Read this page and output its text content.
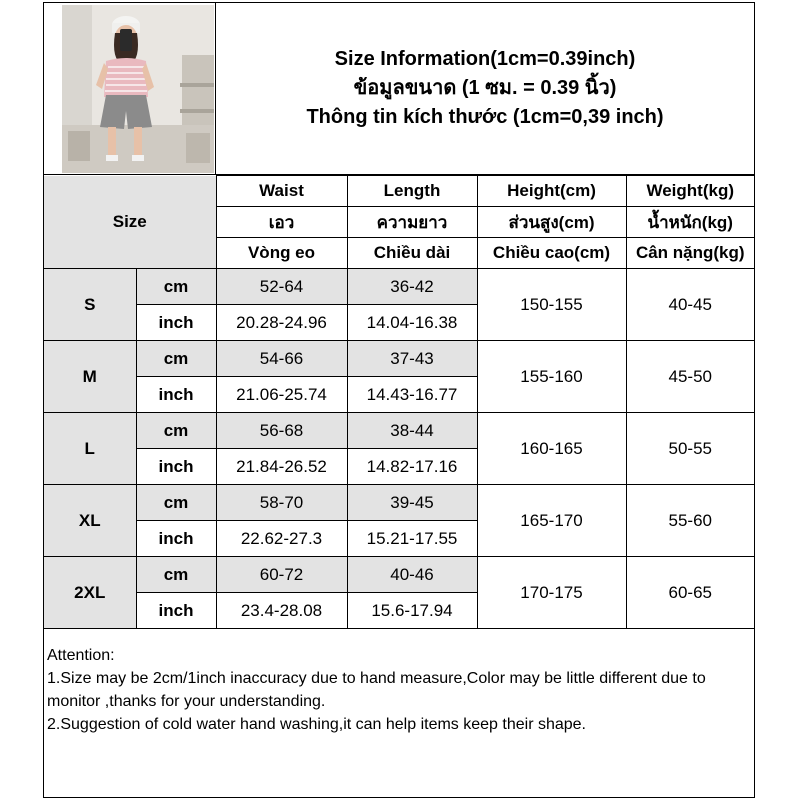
Size Information(1cm=0.39inch)
ข้อมูลขนาด (1 ซม. = 0.39 นิ้ว)
Thông tin kích thước (1cm=0,39 inch)
Size		Waist	Length	Height(cm)	Weight(kg)
		เอว	ความยาว	ส่วนสูง(cm)	น้ำหนัก(kg)
		Vòng eo	Chiều dài	Chiều cao(cm)	Cân nặng(kg)
S	cm	52-64	36-42	150-155	40-45
	inch	20.28-24.96	14.04-16.38		
M	cm	54-66	37-43	155-160	45-50
	inch	21.06-25.74	14.43-16.77		
L	cm	56-68	38-44	160-165	50-55
	inch	21.84-26.52	14.82-17.16		
XL	cm	58-70	39-45	165-170	55-60
	inch	22.62-27.3	15.21-17.55		
2XL	cm	60-72	40-46	170-175	60-65
	inch	23.4-28.08	15.6-17.94		
Attention:
1.Size may be 2cm/1inch inaccuracy due to hand measure,Color may be little different due to monitor ,thanks for your understanding.
2.Suggestion of cold water hand washing,it can help items keep their shape.
